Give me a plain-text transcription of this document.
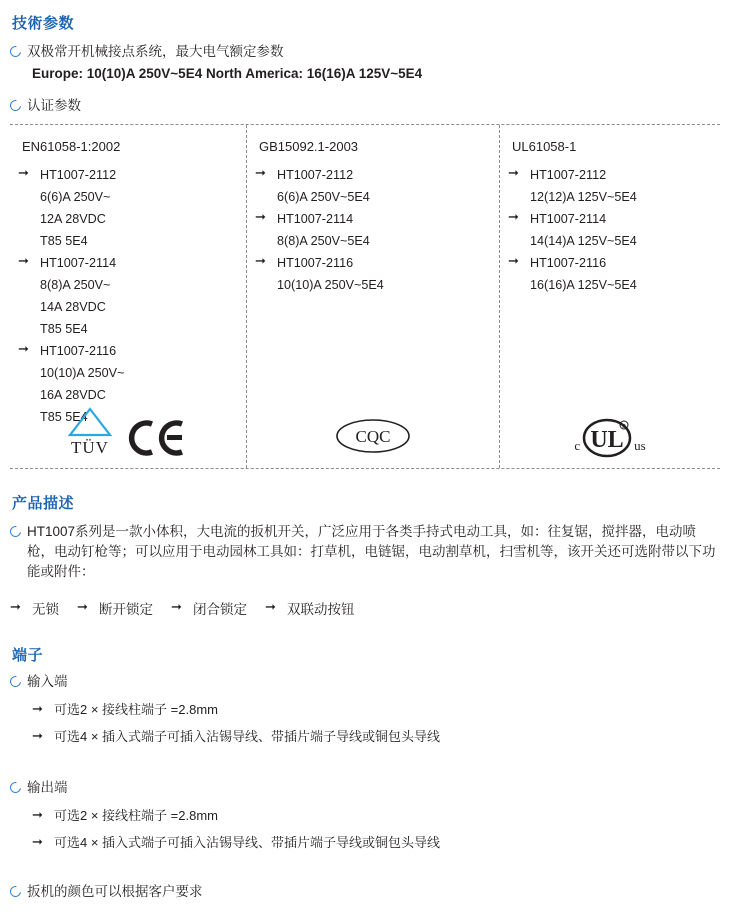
技術参数
双极常开机械接点系统，最大电气额定参数
Europe: 10(10)A 250V~5E4 North America: 16(16)A 125V~5E4
认证参数
EN61058-1:2002
➞ HT1007-2112
6(6)A 250V~
12A 28VDC
T85 5E4
➞ HT1007-2114
8(8)A 250V~
14A 28VDC
T85 5E4
➞ HT1007-2116
10(10)A 250V~
16A 28VDC
T85 5E4
TÜV
GB15092.1-2003
➞ HT1007-2112
6(6)A 250V~5E4
➞ HT1007-2114
8(8)A 250V~5E4
➞ HT1007-2116
10(10)A 250V~5E4
CQC
UL61058-1
➞ HT1007-2112
12(12)A 125V~5E4
➞ HT1007-2114
14(14)A 125V~5E4
➞ HT1007-2116
16(16)A 125V~5E4
c UL
R
us
产品描述
HT1007系列是一款小体积，大电流的扳机开关，广泛应用于各类手持式电动工具，如：往复锯，搅拌器，电动喷枪，电动钉枪等；可以应用于电动园林工具如：打草机，电链锯，电动割草机，扫雪机等，该开关还可选附带以下功能或附件：
➞ 无锁 ➞ 断开锁定 ➞ 闭合锁定 ➞ 双联动按钮
端子
输入端
➞ 可选2 × 接线柱端子 =2.8mm
➞ 可选4 × 插入式端子可插入沾锡导线、带插片端子导线或铜包头导线
输出端
➞ 可选2 × 接线柱端子 =2.8mm
➞ 可选4 × 插入式端子可插入沾锡导线、带插片端子导线或铜包头导线
扳机的颜色可以根据客户要求
